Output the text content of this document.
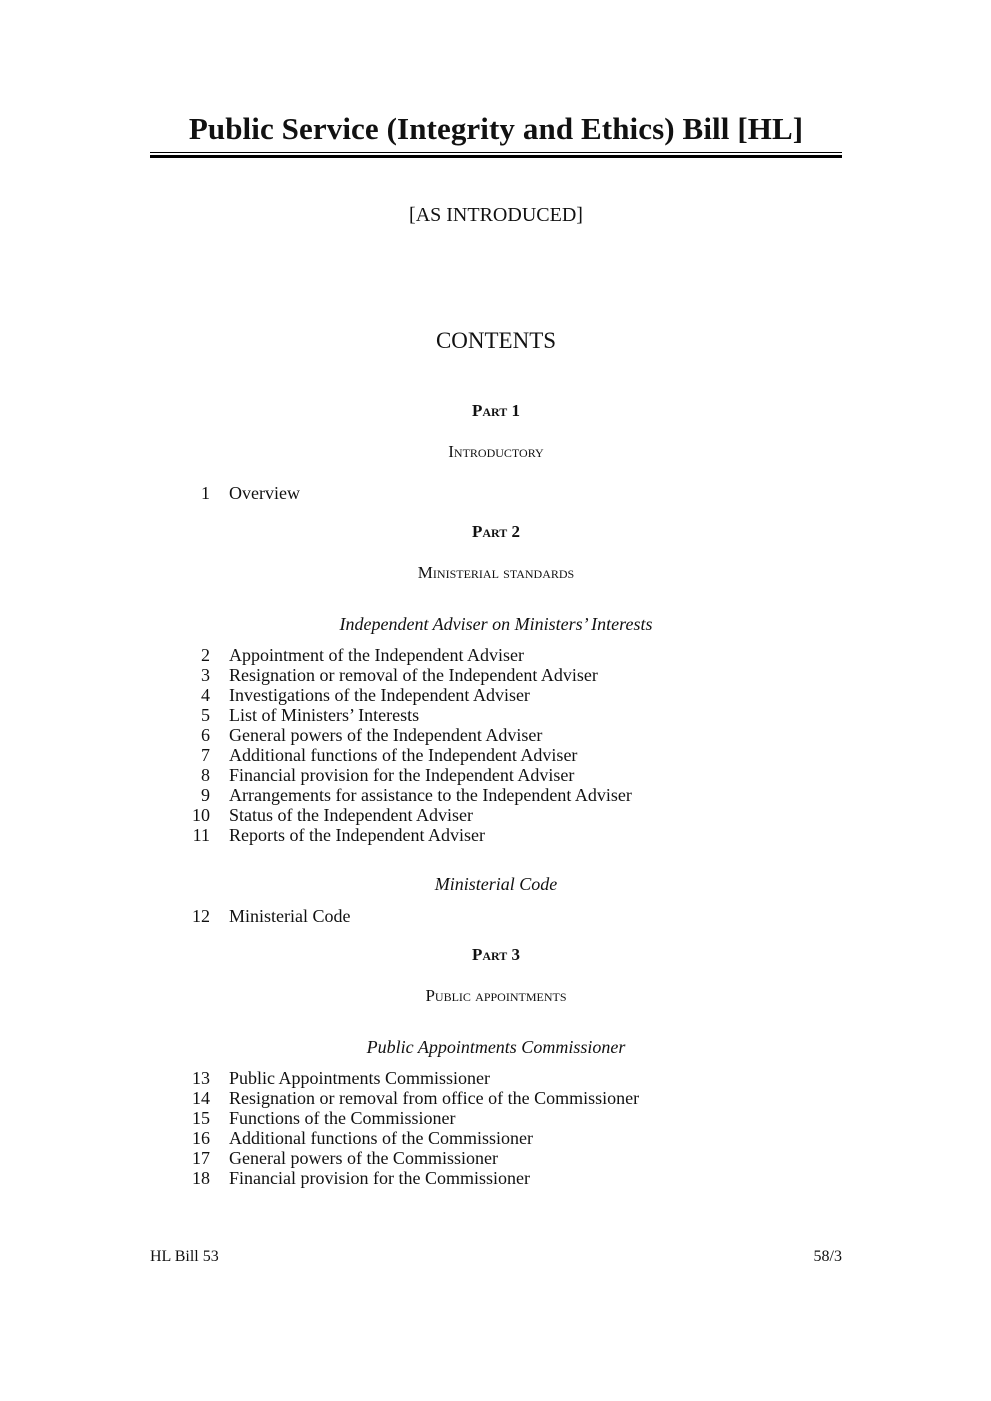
Public Service (Integrity and Ethics) Bill [HL]
[AS INTRODUCED]
CONTENTS
Part 1
Introductory
1	Overview
Part 2
Ministerial standards
Independent Adviser on Ministers’ Interests
2	Appointment of the Independent Adviser
3	Resignation or removal of the Independent Adviser
4	Investigations of the Independent Adviser
5	List of Ministers’ Interests
6	General powers of the Independent Adviser
7	Additional functions of the Independent Adviser
8	Financial provision for the Independent Adviser
9	Arrangements for assistance to the Independent Adviser
10	Status of the Independent Adviser
11	Reports of the Independent Adviser
Ministerial Code
12	Ministerial Code
Part 3
Public appointments
Public Appointments Commissioner
13	Public Appointments Commissioner
14	Resignation or removal from office of the Commissioner
15	Functions of the Commissioner
16	Additional functions of the Commissioner
17	General powers of the Commissioner
18	Financial provision for the Commissioner
HL Bill 53	58/3
